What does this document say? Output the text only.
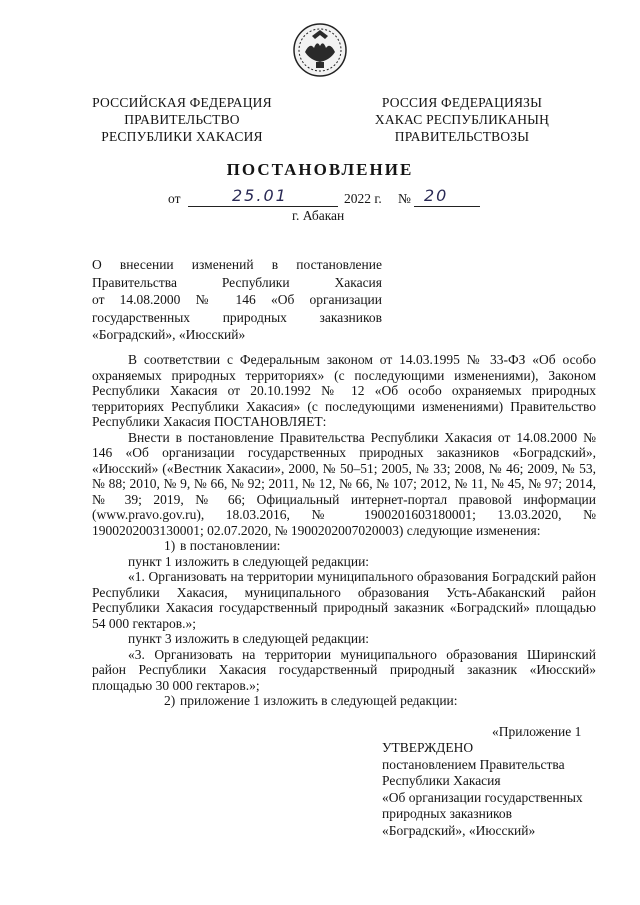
РОССИЙСКАЯ ФЕДЕРАЦИЯ
ПРАВИТЕЛЬСТВО
РЕСПУБЛИКИ ХАКАСИЯ
РОССИЯ ФЕДЕРАЦИЯЗЫ
ХАКАС РЕСПУБЛИКАНЫҢ
ПРАВИТЕЛЬСТВОЗЫ
ПОСТАНОВЛЕНИЕ
от	25.01	2022 г. № 20
г. Абакан
О внесении изменений в постановление
Правительства Республики Хакасия
от 14.08.2000 № 146 «Об организации
государственных природных заказников
«Боградский», «Июсский»

В соответствии с Федеральным законом от 14.03.1995 № 33-ФЗ «Об особо охраняемых природных территориях» (с последующими изменениями), Законом Республики Хакасия от 20.10.1992 № 12 «Об особо охраняемых природных территориях Республики Хакасия» (с последующими изменениями) Правительство Республики Хакасия ПОСТАНОВЛЯЕТ:

Внести в постановление Правительства Республики Хакасия от 14.08.2000 № 146 «Об организации государственных природных заказников «Боградский», «Июсский» («Вестник Хакасии», 2000, № 50–51; 2005, № 33; 2008, № 46; 2009, № 53, № 88; 2010, № 9, № 66, № 92; 2011, № 12, № 66, № 107; 2012, № 11, № 45, № 97; 2014, № 39; 2019, № 66; Официальный интернет-портал правовой информации (www.pravo.gov.ru), 18.03.2016, № 1900201603180001; 13.03.2020, № 1900202003130001; 02.07.2020, № 1900202007020003) следующие изменения:

1) в постановлении:

пункт 1 изложить в следующей редакции:

«1. Организовать на территории муниципального образования Боградский район Республики Хакасия, муниципального образования Усть-Абаканский район Республики Хакасия государственный природный заказник «Боградский» площадью 54 000 гектаров.»;

пункт 3 изложить в следующей редакции:

«3. Организовать на территории муниципального образования Ширинский район Республики Хакасия государственный природный заказник «Июсский» площадью 30 000 гектаров.»;

2) приложение 1 изложить в следующей редакции:

«Приложение 1
УТВЕРЖДЕНО
постановлением Правительства
Республики Хакасия
«Об организации государственных
природных заказников
«Боградский», «Июсский»
